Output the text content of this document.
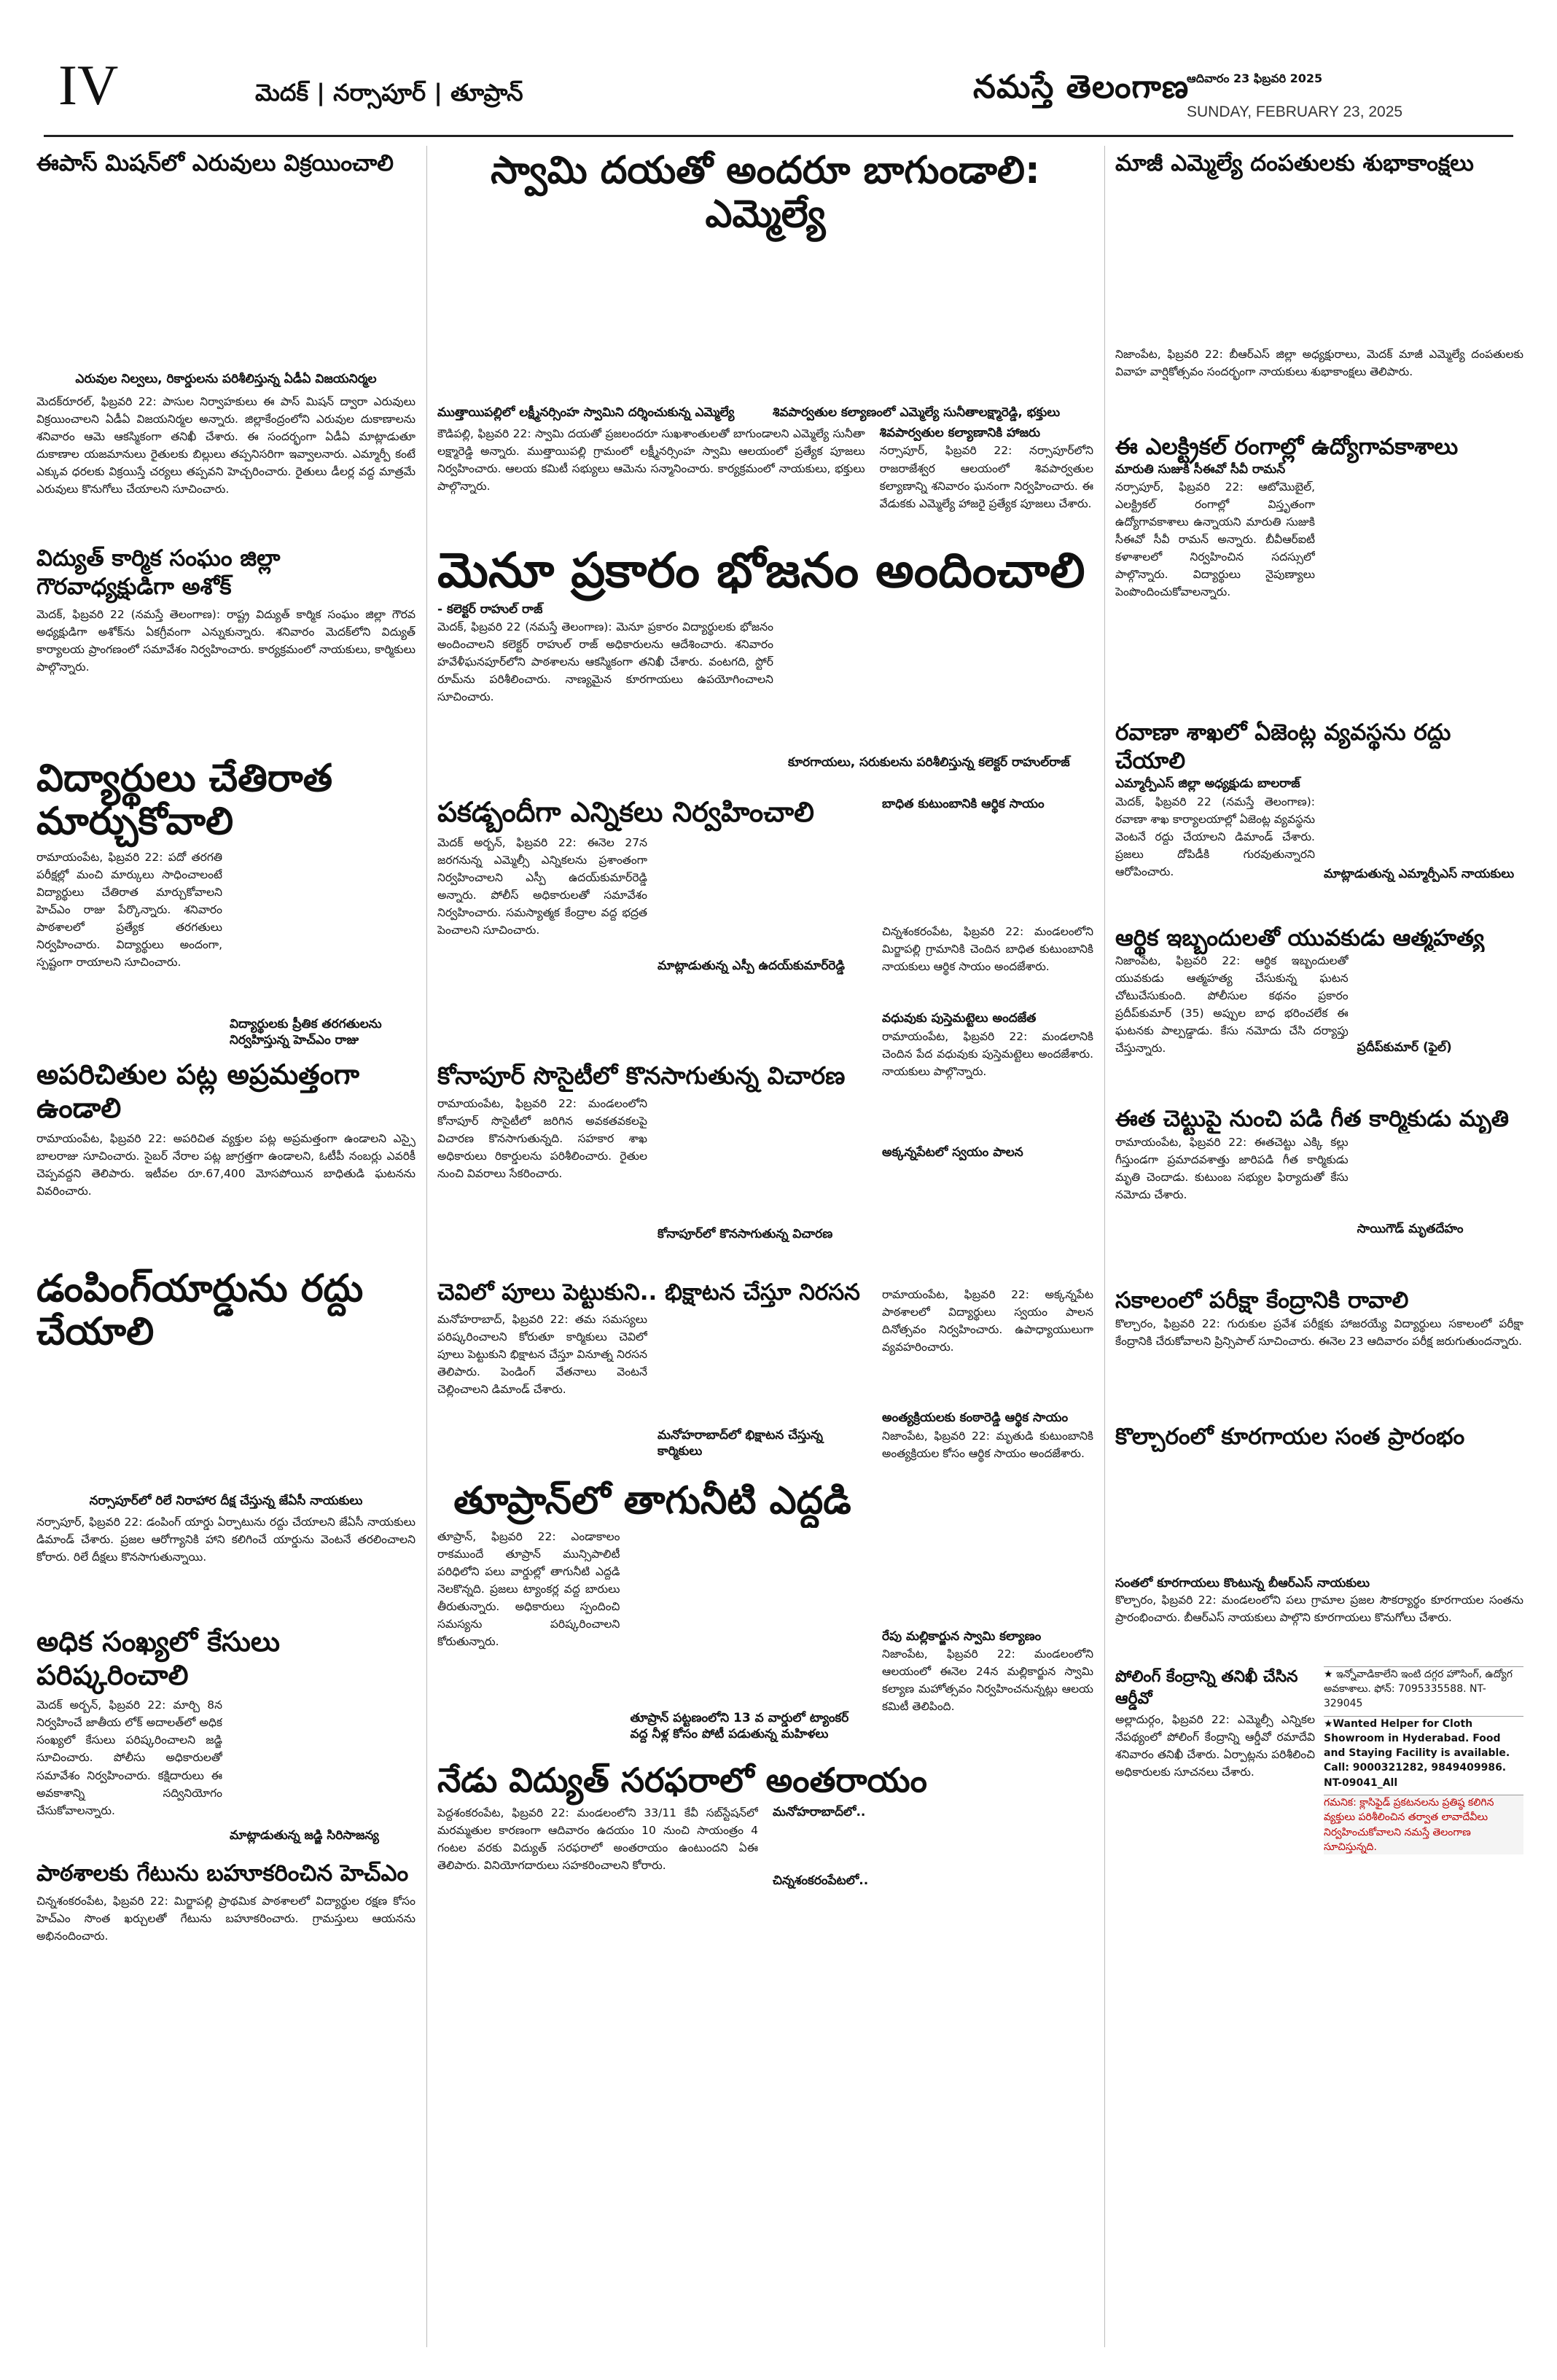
IV	మెదక్ | నర్సాపూర్ | తూప్రాన్	నమస్తే తెలంగాణ
ఆదివారం 23 ఫిబ్రవరి 2025
SUNDAY, FEBRUARY 23, 2025
ఈపాస్ మిషన్‌లో ఎరువులు విక్రయించాలి
ఎరువుల నిల్వలు, రికార్డులను పరిశీలిస్తున్న ఏడీఏ విజయనిర్మల
మెదక్‌రూరల్, ఫిబ్రవరి 22: పాసుల నిర్వాహకులు ఈ పాస్ మిషన్ ద్వారా ఎరువులు విక్రయించాలని ఏడీఏ విజయనిర్మల అన్నారు. జిల్లాకేంద్రంలోని ఎరువుల దుకాణాలను శనివారం ఆమె ఆకస్మికంగా తనిఖీ చేశారు. ఈ సందర్భంగా ఏడీఏ మాట్లాడుతూ దుకాణాల యజమానులు రైతులకు బిల్లులు తప్పనిసరిగా ఇవ్వాలనారు. ఎమ్మార్పీ కంటే ఎక్కువ ధరలకు విక్రయిస్తే చర్యలు తప్పవని హెచ్చరించారు. రైతులు డీలర్ల వద్ద మాత్రమే ఎరువులు కొనుగోలు చేయాలని సూచించారు.
విద్యుత్ కార్మిక సంఘం జిల్లా గౌరవాధ్యక్షుడిగా అశోక్
మెదక్, ఫిబ్రవరి 22 (నమస్తే తెలంగాణ): రాష్ట్ర విద్యుత్ కార్మిక సంఘం జిల్లా గౌరవ అధ్యక్షుడిగా అశోక్‌ను ఏకగ్రీవంగా ఎన్నుకున్నారు. శనివారం మెదక్‌లోని విద్యుత్ కార్యాలయ ప్రాంగణంలో సమావేశం నిర్వహించారు. కార్యక్రమంలో నాయకులు, కార్మికులు పాల్గొన్నారు.
విద్యార్థులు చేతిరాత మార్చుకోవాలి
రామాయంపేట, ఫిబ్రవరి 22: పదో తరగతి పరీక్షల్లో మంచి మార్కులు సాధించాలంటే విద్యార్థులు చేతిరాత మార్చుకోవాలని హెచ్‌ఎం రాజు పేర్కొన్నారు. శనివారం పాఠశాలలో ప్రత్యేక తరగతులు నిర్వహించారు. విద్యార్థులు అందంగా, స్పష్టంగా రాయాలని సూచించారు.
విద్యార్థులకు ప్రీతిక తరగతులను నిర్వహిస్తున్న హెచ్‌ఎం రాజు
అపరిచితుల పట్ల అప్రమత్తంగా ఉండాలి
రామాయంపేట, ఫిబ్రవరి 22: అపరిచిత వ్యక్తుల పట్ల అప్రమత్తంగా ఉండాలని ఎస్సై బాలరాజు సూచించారు. సైబర్ నేరాల పట్ల జాగ్రత్తగా ఉండాలని, ఓటీపీ నంబర్లు ఎవరికీ చెప్పవద్దని తెలిపారు. ఇటీవల రూ.67,400 మోసపోయిన బాధితుడి ఘటనను వివరించారు.
డంపింగ్‌యార్డును రద్దు చేయాలి
నర్సాపూర్‌లో రిలే నిరాహార దీక్ష చేస్తున్న జేఏసీ నాయకులు
నర్సాపూర్, ఫిబ్రవరి 22: డంపింగ్ యార్డు ఏర్పాటును రద్దు చేయాలని జేఏసీ నాయకులు డిమాండ్ చేశారు. ప్రజల ఆరోగ్యానికి హాని కలిగించే యార్డును వెంటనే తరలించాలని కోరారు. రిలే దీక్షలు కొనసాగుతున్నాయి.
అధిక సంఖ్యలో కేసులు పరిష్కరించాలి
మెదక్ అర్బన్, ఫిబ్రవరి 22: మార్చి 8న నిర్వహించే జాతీయ లోక్ అదాలత్‌లో అధిక సంఖ్యలో కేసులు పరిష్కరించాలని జడ్జి సూచించారు. పోలీసు అధికారులతో సమావేశం నిర్వహించారు. కక్షిదారులు ఈ అవకాశాన్ని సద్వినియోగం చేసుకోవాలన్నారు.
మాట్లాడుతున్న జడ్జి సిరిసాజన్య
పాఠశాలకు గేటును బహూకరించిన హెచ్‌ఎం
చిన్నశంకరంపేట, ఫిబ్రవరి 22: మిర్జాపల్లి ప్రాథమిక పాఠశాలలో విద్యార్థుల రక్షణ కోసం హెచ్‌ఎం సొంత ఖర్చులతో గేటును బహూకరించారు. గ్రామస్తులు ఆయనను అభినందించారు.
స్వామి దయతో అందరూ బాగుండాలి: ఎమ్మెల్యే
ముత్తాయిపల్లిలో లక్ష్మీనర్సింహ స్వామిని దర్శించుకున్న ఎమ్మెల్యే	శివపార్వతుల కల్యాణంలో ఎమ్మెల్యే సునీతాలక్ష్మారెడ్డి, భక్తులు
కౌడిపల్లి, ఫిబ్రవరి 22: స్వామి దయతో ప్రజలందరూ సుఖశాంతులతో బాగుండాలని ఎమ్మెల్యే సునీతా లక్ష్మారెడ్డి అన్నారు. ముత్తాయిపల్లి గ్రామంలో లక్ష్మీనర్సింహ స్వామి ఆలయంలో ప్రత్యేక పూజలు నిర్వహించారు. ఆలయ కమిటీ సభ్యులు ఆమెను సన్మానించారు. కార్యక్రమంలో నాయకులు, భక్తులు పాల్గొన్నారు.
శివపార్వతుల కల్యాణానికి హాజరు
నర్సాపూర్, ఫిబ్రవరి 22: నర్సాపూర్‌లోని రాజరాజేశ్వర ఆలయంలో శివపార్వతుల కల్యాణాన్ని శనివారం ఘనంగా నిర్వహించారు. ఈ వేడుకకు ఎమ్మెల్యే హాజరై ప్రత్యేక పూజలు చేశారు.
మెనూ ప్రకారం భోజనం అందించాలి
- కలెక్టర్ రాహుల్ రాజ్
మెదక్, ఫిబ్రవరి 22 (నమస్తే తెలంగాణ): మెనూ ప్రకారం విద్యార్థులకు భోజనం అందించాలని కలెక్టర్ రాహుల్ రాజ్ అధికారులను ఆదేశించారు. శనివారం హవేళీఘనపూర్‌లోని పాఠశాలను ఆకస్మికంగా తనిఖీ చేశారు. వంటగది, స్టోర్ రూమ్‌ను పరిశీలించారు. నాణ్యమైన కూరగాయలు ఉపయోగించాలని సూచించారు.
కూరగాయలు, సరుకులను పరిశీలిస్తున్న కలెక్టర్ రాహుల్‌రాజ్
పకడ్బందీగా ఎన్నికలు నిర్వహించాలి
మెదక్ అర్బన్, ఫిబ్రవరి 22: ఈనెల 27న జరగనున్న ఎమ్మెల్సీ ఎన్నికలను ప్రశాంతంగా నిర్వహించాలని ఎస్పీ ఉదయ్‌కుమార్‌రెడ్డి అన్నారు. పోలీస్ అధికారులతో సమావేశం నిర్వహించారు. సమస్యాత్మక కేంద్రాల వద్ద భద్రత పెంచాలని సూచించారు.
మాట్లాడుతున్న ఎస్పీ ఉదయ్‌కుమార్‌రెడ్డి
కోనాపూర్ సొసైటీలో కొనసాగుతున్న విచారణ
రామాయంపేట, ఫిబ్రవరి 22: మండలంలోని కోనాపూర్ సొసైటీలో జరిగిన అవకతవకలపై విచారణ కొనసాగుతున్నది. సహకార శాఖ అధికారులు రికార్డులను పరిశీలించారు. రైతుల నుంచి వివరాలు సేకరించారు.
కోనాపూర్‌లో కొనసాగుతున్న విచారణ
చెవిలో పూలు పెట్టుకుని.. భిక్షాటన చేస్తూ నిరసన
మనోహరాబాద్, ఫిబ్రవరి 22: తమ సమస్యలు పరిష్కరించాలని కోరుతూ కార్మికులు చెవిలో పూలు పెట్టుకుని భిక్షాటన చేస్తూ వినూత్న నిరసన తెలిపారు. పెండింగ్ వేతనాలు వెంటనే చెల్లించాలని డిమాండ్ చేశారు.
మనోహరాబాద్‌లో భిక్షాటన చేస్తున్న కార్మికులు
తూప్రాన్‌లో తాగునీటి ఎద్దడి
తూప్రాన్, ఫిబ్రవరి 22: ఎండాకాలం రాకముందే తూప్రాన్ మున్సిపాలిటీ పరిధిలోని పలు వార్డుల్లో తాగునీటి ఎద్దడి నెలకొన్నది. ప్రజలు ట్యాంకర్ల వద్ద బారులు తీరుతున్నారు. అధికారులు స్పందించి సమస్యను పరిష్కరించాలని కోరుతున్నారు.
తూప్రాన్ పట్టణంలోని 13 వ వార్డులో ట్యాంకర్ వద్ద నీళ్ల కోసం పోటీ పడుతున్న మహిళలు
బాధిత కుటుంబానికి ఆర్థిక సాయం
చిన్నశంకరంపేట, ఫిబ్రవరి 22: మండలంలోని మిర్జాపల్లి గ్రామానికి చెందిన బాధిత కుటుంబానికి నాయకులు ఆర్థిక సాయం అందజేశారు.
వధువుకు పుస్తెమట్టెలు అందజేత
రామాయంపేట, ఫిబ్రవరి 22: మండలానికి చెందిన పేద వధువుకు పుస్తెమట్టెలు అందజేశారు. నాయకులు పాల్గొన్నారు.
అక్కన్నపేటలో స్వయం పాలన
రామాయంపేట, ఫిబ్రవరి 22: అక్కన్నపేట పాఠశాలలో విద్యార్థులు స్వయం పాలన దినోత్సవం నిర్వహించారు. ఉపాధ్యాయులుగా వ్యవహరించారు.
అంత్యక్రియలకు కంఠారెడ్డి ఆర్థిక సాయం
నిజాంపేట, ఫిబ్రవరి 22: మృతుడి కుటుంబానికి అంత్యక్రియల కోసం ఆర్థిక సాయం అందజేశారు.
రేపు మల్లికార్జున స్వామి కల్యాణం
నిజాంపేట, ఫిబ్రవరి 22: మండలంలోని ఆలయంలో ఈనెల 24న మల్లికార్జున స్వామి కల్యాణ మహోత్సవం నిర్వహించనున్నట్లు ఆలయ కమిటీ తెలిపింది.
నేడు విద్యుత్ సరఫరాలో అంతరాయం
పెద్దశంకరంపేట, ఫిబ్రవరి 22: మండలంలోని 33/11 కేవీ సబ్‌స్టేషన్‌లో మరమ్మతుల కారణంగా ఆదివారం ఉదయం 10 నుంచి సాయంత్రం 4 గంటల వరకు విద్యుత్ సరఫరాలో అంతరాయం ఉంటుందని ఏఈ తెలిపారు. వినియోగదారులు సహకరించాలని కోరారు.
మనోహరాబాద్‌లో..
చిన్నశంకరంపేటలో..
మాజీ ఎమ్మెల్యే దంపతులకు శుభాకాంక్షలు
నిజాంపేట, ఫిబ్రవరి 22: బీఆర్‌ఎస్ జిల్లా అధ్యక్షురాలు, మెదక్ మాజీ ఎమ్మెల్యే దంపతులకు వివాహ వార్షికోత్సవం సందర్భంగా నాయకులు శుభాకాంక్షలు తెలిపారు.
ఈ ఎలక్ట్రికల్ రంగాల్లో ఉద్యోగావకాశాలు
మారుతి సుజుకి సీఈవో సీవీ రామన్
నర్సాపూర్, ఫిబ్రవరి 22: ఆటోమొబైల్, ఎలక్ట్రికల్ రంగాల్లో విస్తృతంగా ఉద్యోగావకాశాలు ఉన్నాయని మారుతి సుజుకి సీఈవో సీవీ రామన్ అన్నారు. బీవీఆర్ఐటీ కళాశాలలో నిర్వహించిన సదస్సులో పాల్గొన్నారు. విద్యార్థులు నైపుణ్యాలు పెంపొందించుకోవాలన్నారు.
రవాణా శాఖలో ఏజెంట్ల వ్యవస్థను రద్దు చేయాలి
ఎమ్మార్పీఎస్ జిల్లా అధ్యక్షుడు బాలరాజ్
మెదక్, ఫిబ్రవరి 22 (నమస్తే తెలంగాణ): రవాణా శాఖ కార్యాలయాల్లో ఏజెంట్ల వ్యవస్థను వెంటనే రద్దు చేయాలని డిమాండ్ చేశారు. ప్రజలు దోపిడీకి గురవుతున్నారని ఆరోపించారు.	మాట్లాడుతున్న ఎమ్మార్పీఎస్ నాయకులు
ఆర్థిక ఇబ్బందులతో యువకుడు ఆత్మహత్య
నిజాంపేట, ఫిబ్రవరి 22: ఆర్థిక ఇబ్బందులతో యువకుడు ఆత్మహత్య చేసుకున్న ఘటన చోటుచేసుకుంది. పోలీసుల కథనం ప్రకారం ప్రదీప్‌కుమార్ (35) అప్పుల బాధ భరించలేక ఈ ఘటనకు పాల్పడ్డాడు. కేసు నమోదు చేసి దర్యాప్తు చేస్తున్నారు.	ప్రదీప్‌కుమార్ (ఫైల్)
ఈత చెట్టుపై నుంచి పడి గీత కార్మికుడు మృతి
రామాయంపేట, ఫిబ్రవరి 22: ఈతచెట్టు ఎక్కి కల్లు గీస్తుండగా ప్రమాదవశాత్తు జారిపడి గీత కార్మికుడు మృతి చెందాడు. కుటుంబ సభ్యుల ఫిర్యాదుతో కేసు నమోదు చేశారు.
సాయిగౌడ్ మృతదేహం
సకాలంలో పరీక్షా కేంద్రానికి రావాలి
కొల్చారం, ఫిబ్రవరి 22: గురుకుల ప్రవేశ పరీక్షకు హాజరయ్యే విద్యార్థులు సకాలంలో పరీక్షా కేంద్రానికి చేరుకోవాలని ప్రిన్సిపాల్ సూచించారు. ఈనెల 23 ఆదివారం పరీక్ష జరుగుతుందన్నారు.
కొల్చారంలో కూరగాయల సంత ప్రారంభం
సంతలో కూరగాయలు కొంటున్న బీఆర్ఎస్ నాయకులు
కొల్చారం, ఫిబ్రవరి 22: మండలంలోని పలు గ్రామాల ప్రజల సౌకర్యార్థం కూరగాయల సంతను ప్రారంభించారు. బీఆర్ఎస్ నాయకులు పాల్గొని కూరగాయలు కొనుగోలు చేశారు.
పోలింగ్ కేంద్రాన్ని తనిఖీ చేసిన ఆర్డీవో
అల్లాదుర్గం, ఫిబ్రవరి 22: ఎమ్మెల్సీ ఎన్నికల నేపథ్యంలో పోలింగ్ కేంద్రాన్ని ఆర్డీవో రమాదేవి శనివారం తనిఖీ చేశారు. ఏర్పాట్లను పరిశీలించి అధికారులకు సూచనలు చేశారు.
★ ఇన్నోవాడికాలేని ఇంటి దగ్గర హౌసింగ్, ఉద్యోగ అవకాశాలు. ఫోన్: 7095335588. NT-329045
★Wanted Helper for Cloth Showroom in Hyderabad. Food and Staying Facility is available. Call: 9000321282, 9849409986. NT-09041_All
గమనిక: క్లాసిఫైడ్ ప్రకటనలను ప్రతిష్ఠ కలిగిన వ్యక్తులు పరిశీలించిన తర్వాత లావాదేవీలు నిర్వహించుకోవాలని నమస్తే తెలంగాణ సూచిస్తున్నది.
